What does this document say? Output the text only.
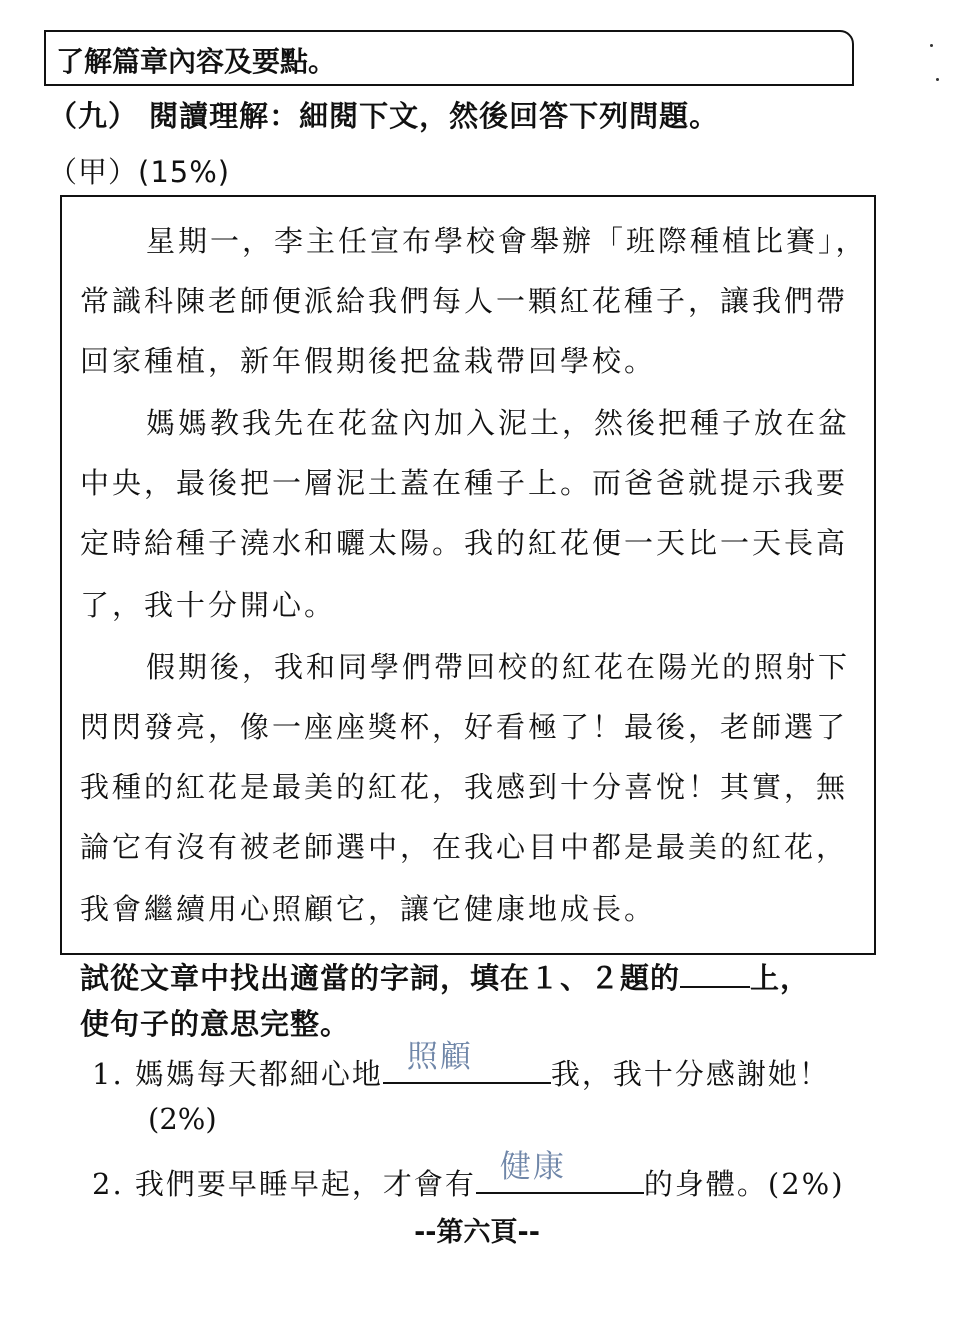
了解篇章內容及要點。
（九） 閱讀理解：細閱下文，然後回答下列問題。
（甲）(15%)
星期一，李主任宣布學校會舉辦「班際種植比賽」，
常識科陳老師便派給我們每人一顆紅花種子，讓我們帶
回家種植，新年假期後把盆栽帶回學校。
媽媽教我先在花盆內加入泥土，然後把種子放在盆
中央，最後把一層泥土蓋在種子上。而爸爸就提示我要
定時給種子澆水和曬太陽。我的紅花便一天比一天長高
了，我十分開心。
假期後，我和同學們帶回校的紅花在陽光的照射下
閃閃發亮，像一座座獎杯，好看極了！最後，老師選了
我種的紅花是最美的紅花，我感到十分喜悅！其實，無
論它有沒有被老師選中，在我心目中都是最美的紅花，
我會繼續用心照顧它，讓它健康地成長。
試從文章中找出適當的字詞，填在１、２題的 上，
使句子的意思完整。
1. 媽媽每天都細心地 照顧	我，我十分感謝她！
(2%)
2. 我們要早睡早起，才會有 健康	的身體。(2%)
--第六頁--
